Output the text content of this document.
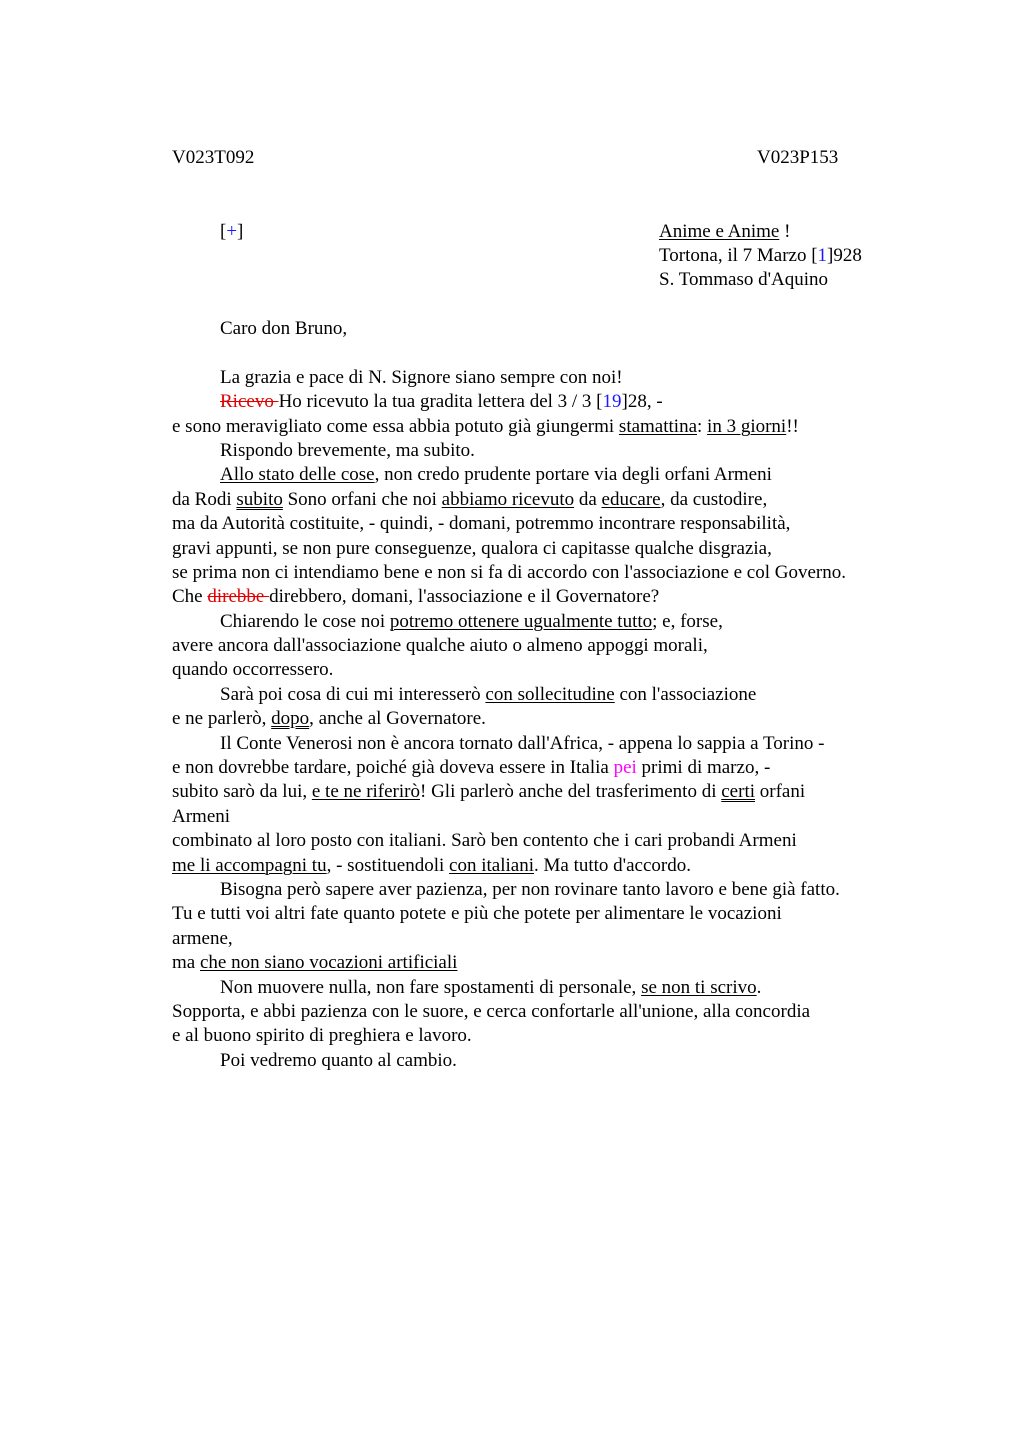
V023T092	V023P153
[+]	Anime e Anime !
Tortona, il 7 Marzo [1]928
S. Tommaso d'Aquino
Caro don Bruno,
La grazia e pace di N. Signore siano sempre con noi!
Ricevo Ho ricevuto la tua gradita lettera del 3 / 3 [19]28, -
e sono meravigliato come essa abbia potuto già giungermi stamattina: in 3 giorni!!
Rispondo brevemente, ma subito.
Allo stato delle cose, non credo prudente portare via degli orfani Armeni
da Rodi subito Sono orfani che noi abbiamo ricevuto da educare, da custodire,
ma da Autorità costituite, - quindi, - domani, potremmo incontrare responsabilità,
gravi appunti, se non pure conseguenze, qualora ci capitasse qualche disgrazia,
se prima non ci intendiamo bene e non si fa di accordo con l'associazione e col Governo.
Che direbbe direbbero, domani, l'associazione e il Governatore?
Chiarendo le cose noi potremo ottenere ugualmente tutto; e, forse,
avere ancora dall'associazione qualche aiuto o almeno appoggi morali,
quando occorressero.
Sarà poi cosa di cui mi interesserò con sollecitudine con l'associazione
e ne parlerò, dopo, anche al Governatore.
Il Conte Venerosi non è ancora tornato dall'Africa, - appena lo sappia a Torino -
e non dovrebbe tardare, poiché già doveva essere in Italia pei primi di marzo, -
subito sarò da lui, e te ne riferirò! Gli parlerò anche del trasferimento di certi orfani
Armeni
combinato al loro posto con italiani. Sarò ben contento che i cari probandi Armeni
me li accompagni tu, - sostituendoli con italiani. Ma tutto d'accordo.
Bisogna però sapere aver pazienza, per non rovinare tanto lavoro e bene già fatto.
Tu e tutti voi altri fate quanto potete e più che potete per alimentare le vocazioni
armene,
ma che non siano vocazioni artificiali
Non muovere nulla, non fare spostamenti di personale, se non ti scrivo.
Sopporta, e abbi pazienza con le suore, e cerca confortarle all'unione, alla concordia
e al buono spirito di preghiera e lavoro.
Poi vedremo quanto al cambio.
